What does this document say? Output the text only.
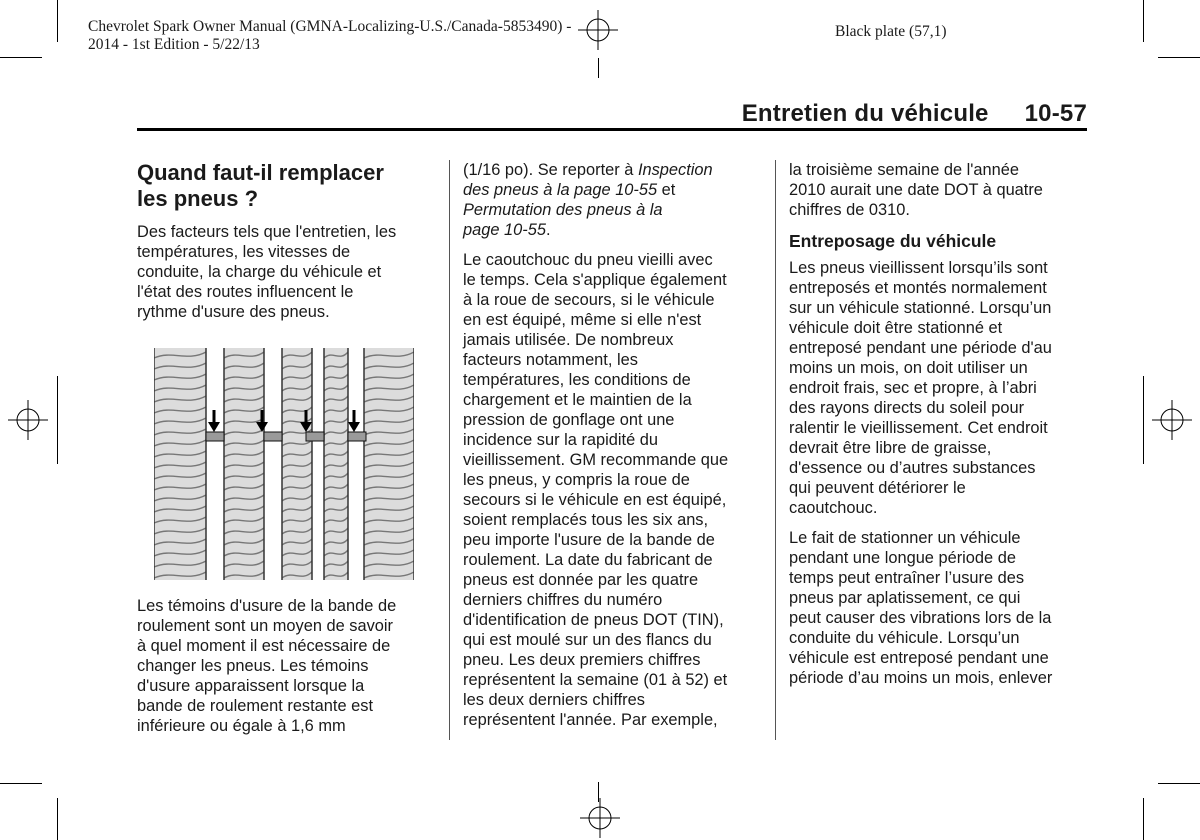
Chevrolet Spark Owner Manual (GMNA-Localizing-U.S./Canada-5853490) -
2014 - 1st Edition - 5/22/13
Black plate (57,1)
Entretien du véhicule 10-57
Quand faut-il remplacer
les pneus ?

Des facteurs tels que l'entretien, les
températures, les vitesses de
conduite, la charge du véhicule et
l'état des routes influencent le
rythme d'usure des pneus.

Les témoins d'usure de la bande de
roulement sont un moyen de savoir
à quel moment il est nécessaire de
changer les pneus. Les témoins
d'usure apparaissent lorsque la
bande de roulement restante est
inférieure ou égale à 1,6 mm

(1/16 po). Se reporter à Inspection
des pneus à la page 10-55 et
Permutation des pneus à la
page 10-55.

Le caoutchouc du pneu vieilli avec
le temps. Cela s'applique également
à la roue de secours, si le véhicule
en est équipé, même si elle n'est
jamais utilisée. De nombreux
facteurs notamment, les
températures, les conditions de
chargement et le maintien de la
pression de gonflage ont une
incidence sur la rapidité du
vieillissement. GM recommande que
les pneus, y compris la roue de
secours si le véhicule en est équipé,
soient remplacés tous les six ans,
peu importe l'usure de la bande de
roulement. La date du fabricant de
pneus est donnée par les quatre
derniers chiffres du numéro
d'identification de pneus DOT (TIN),
qui est moulé sur un des flancs du
pneu. Les deux premiers chiffres
représentent la semaine (01 à 52) et
les deux derniers chiffres
représentent l'année. Par exemple,

la troisième semaine de l'année
2010 aurait une date DOT à quatre
chiffres de 0310.

Entreposage du véhicule

Les pneus vieillissent lorsqu’ils sont
entreposés et montés normalement
sur un véhicule stationné. Lorsqu’un
véhicule doit être stationné et
entreposé pendant une période d'au
moins un mois, on doit utiliser un
endroit frais, sec et propre, à l’abri
des rayons directs du soleil pour
ralentir le vieillissement. Cet endroit
devrait être libre de graisse,
d'essence ou d’autres substances
qui peuvent détériorer le
caoutchouc.

Le fait de stationner un véhicule
pendant une longue période de
temps peut entraîner l’usure des
pneus par aplatissement, ce qui
peut causer des vibrations lors de la
conduite du véhicule. Lorsqu’un
véhicule est entreposé pendant une
période d’au moins un mois, enlever
